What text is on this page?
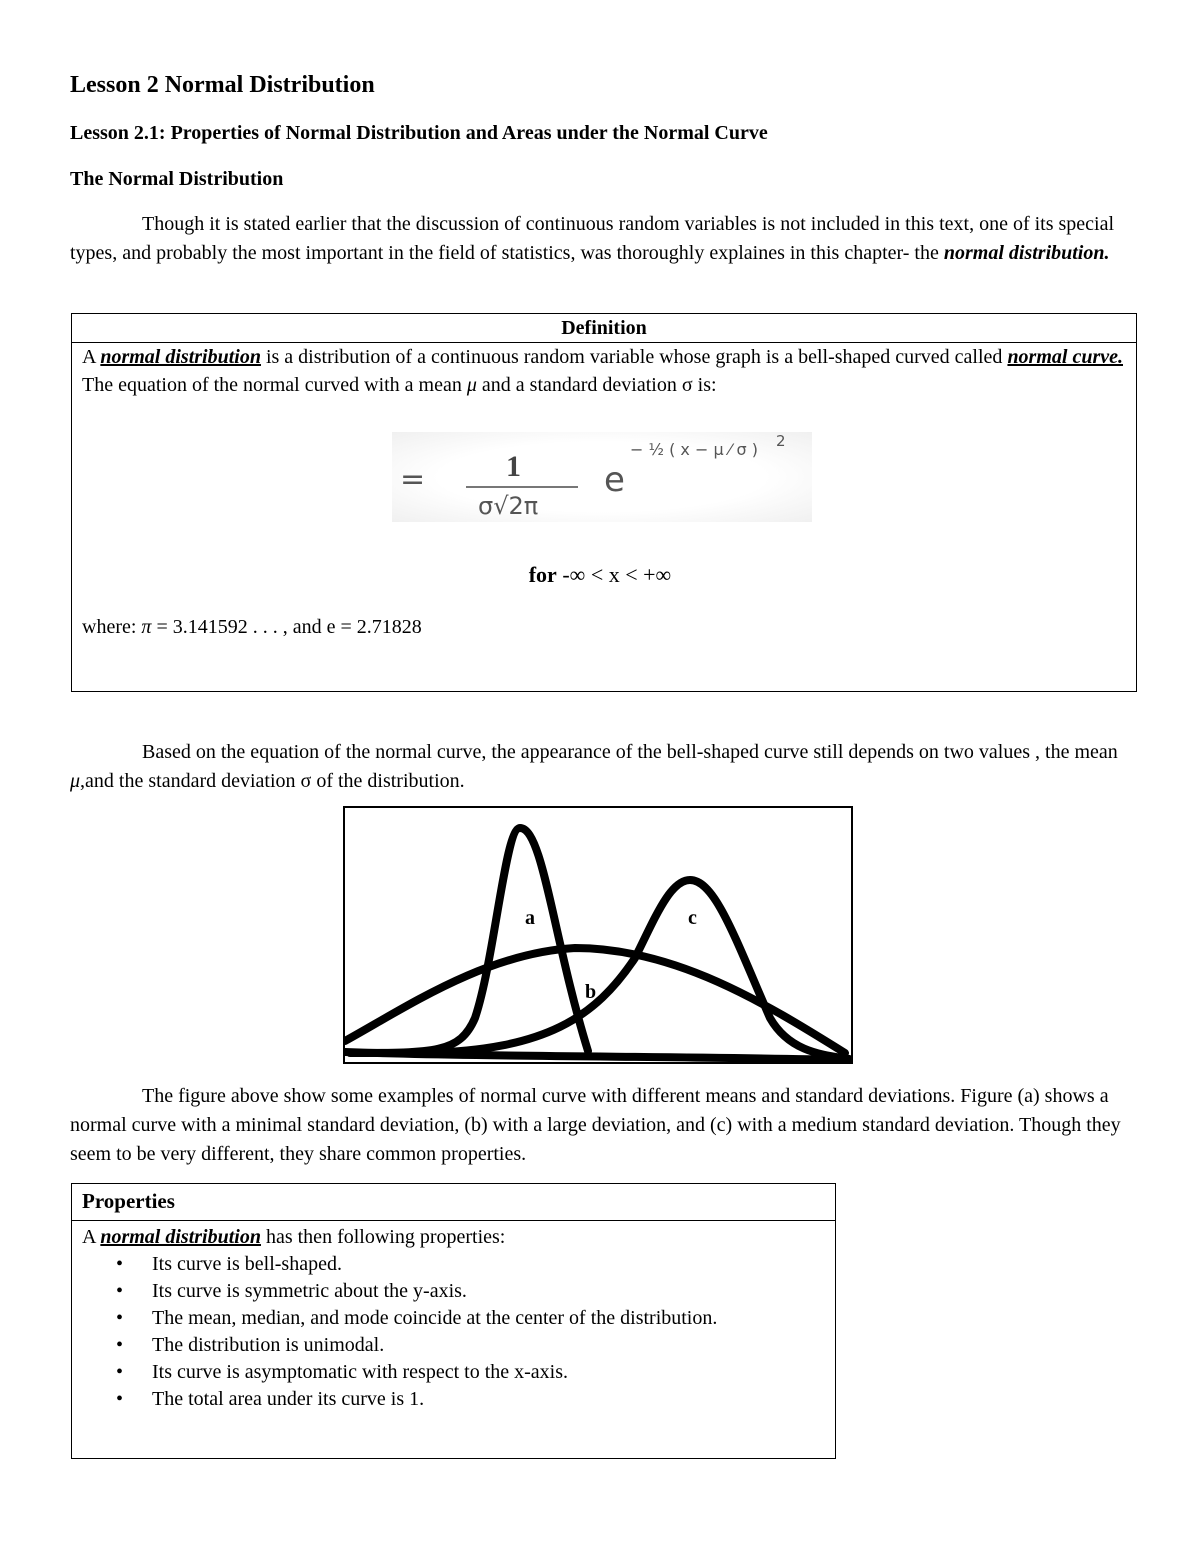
Lesson 2 Normal Distribution
Lesson 2.1: Properties of Normal Distribution and Areas under the Normal Curve
The Normal Distribution
Though it is stated earlier that the discussion of continuous random variables is not included in this text, one of its special types, and probably the most important in the field of statistics, was thoroughly explaines in this chapter- the normal distribution.
Definition
A normal distribution is a distribution of a continuous random variable whose graph is a bell-shaped curved called normal curve. The equation of the normal curved with a mean μ and a standard deviation σ is:
=	1
σ√2π
e
− ½ ( x − μ ⁄ σ ) 2
for -∞ < x < +∞
where: π = 3.141592 . . . , and e = 2.71828
Based on the equation of the normal curve, the appearance of the bell-shaped curve still depends on two values , the mean μ,and the standard deviation σ of the distribution.
a
b
c
The figure above show some examples of normal curve with different means and standard deviations. Figure (a) shows a normal curve with a minimal standard deviation, (b) with a large deviation, and (c) with a medium standard deviation. Though they seem to be very different, they share common properties.
Properties
A normal distribution has then following properties:
• Its curve is bell-shaped.
• Its curve is symmetric about the y-axis.
• The mean, median, and mode coincide at the center of the distribution.
• The distribution is unimodal.
• Its curve is asymptomatic with respect to the x-axis.
• The total area under its curve is 1.
